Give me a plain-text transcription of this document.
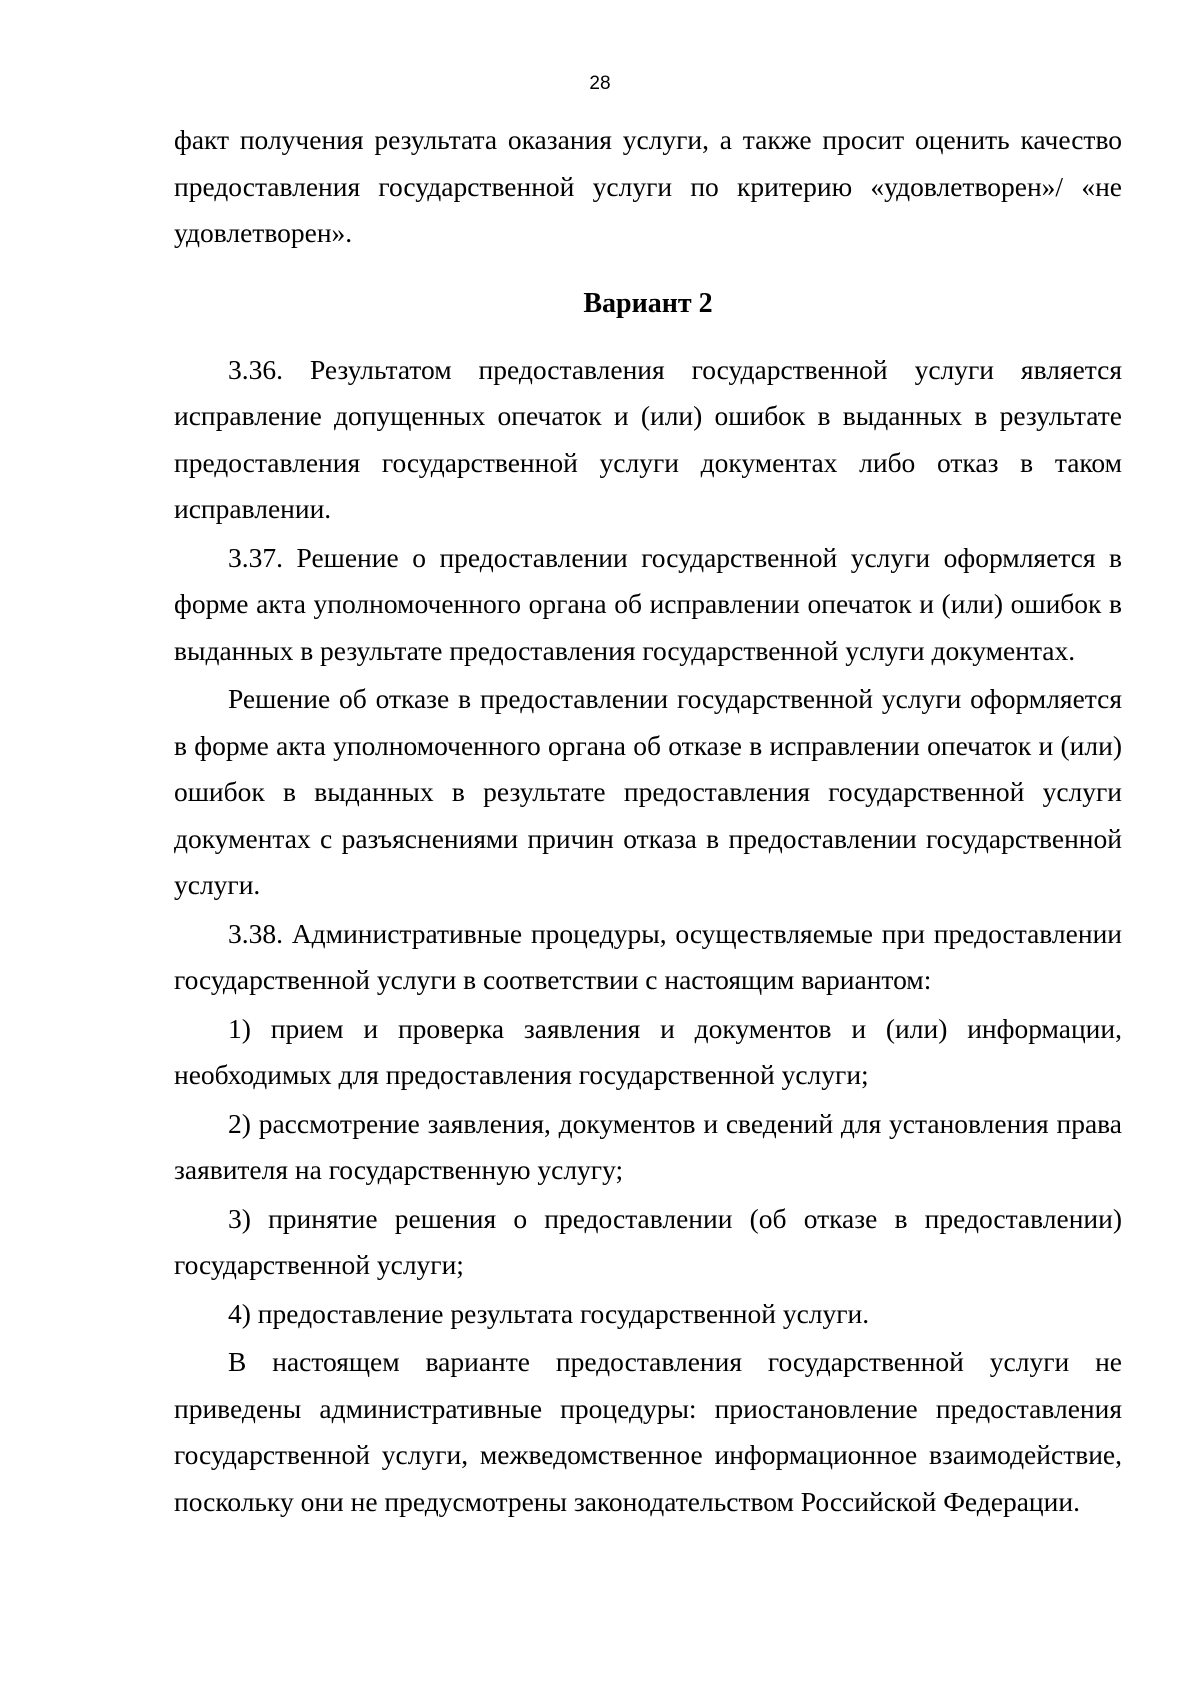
28

факт получения результата оказания услуги, а также просит оценить качество предоставления государственной услуги по критерию «удовлетворен»/ «не удовлетворен».

Вариант 2

3.36. Результатом предоставления государственной услуги является исправление допущенных опечаток и (или) ошибок в выданных в результате предоставления государственной услуги документах либо отказ в таком исправлении.

3.37. Решение о предоставлении государственной услуги оформляется в форме акта уполномоченного органа об исправлении опечаток и (или) ошибок в выданных в результате предоставления государственной услуги документах.

Решение об отказе в предоставлении государственной услуги оформляется в форме акта уполномоченного органа об отказе в исправлении опечаток и (или) ошибок в выданных в результате предоставления государственной услуги документах с разъяснениями причин отказа в предоставлении государственной услуги.

3.38. Административные процедуры, осуществляемые при предоставлении государственной услуги в соответствии с настоящим вариантом:

1) прием и проверка заявления и документов и (или) информации, необходимых для предоставления государственной услуги;

2) рассмотрение заявления, документов и сведений для установления права заявителя на государственную услугу;

3) принятие решения о предоставлении (об отказе в предоставлении) государственной услуги;

4) предоставление результата государственной услуги.

В настоящем варианте предоставления государственной услуги не приведены административные процедуры: приостановление предоставления государственной услуги, межведомственное информационное взаимодействие, поскольку они не предусмотрены законодательством Российской Федерации.
